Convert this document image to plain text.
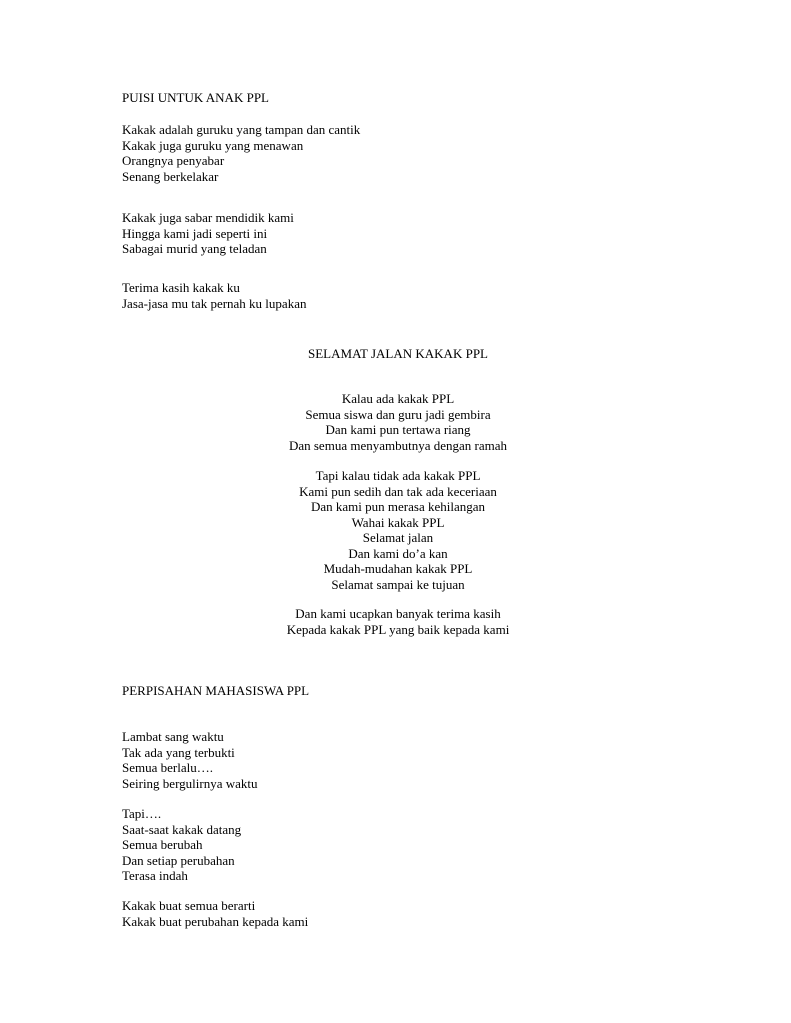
PUISI UNTUK ANAK PPL
Kakak adalah guruku yang tampan dan cantik
Kakak juga guruku yang menawan
Orangnya penyabar
Senang berkelakar
Kakak juga sabar mendidik kami
Hingga kami jadi seperti ini
Sabagai murid yang teladan
Terima kasih kakak ku
Jasa-jasa mu tak pernah ku lupakan
SELAMAT JALAN KAKAK PPL
Kalau ada kakak PPL
Semua siswa dan guru jadi gembira
Dan kami pun tertawa riang
Dan semua menyambutnya dengan ramah
Tapi kalau tidak ada kakak PPL
Kami pun sedih dan tak ada keceriaan
Dan kami pun merasa kehilangan
Wahai kakak PPL
Selamat jalan
Dan kami do’a kan
Mudah-mudahan kakak PPL
Selamat sampai ke tujuan
Dan kami ucapkan banyak terima kasih
Kepada kakak PPL yang baik kepada kami
PERPISAHAN MAHASISWA PPL
Lambat sang waktu
Tak ada yang terbukti
Semua berlalu….
Seiring bergulirnya waktu
Tapi….
Saat-saat kakak datang
Semua berubah
Dan setiap perubahan
Terasa indah
Kakak buat semua berarti
Kakak buat perubahan kepada kami
